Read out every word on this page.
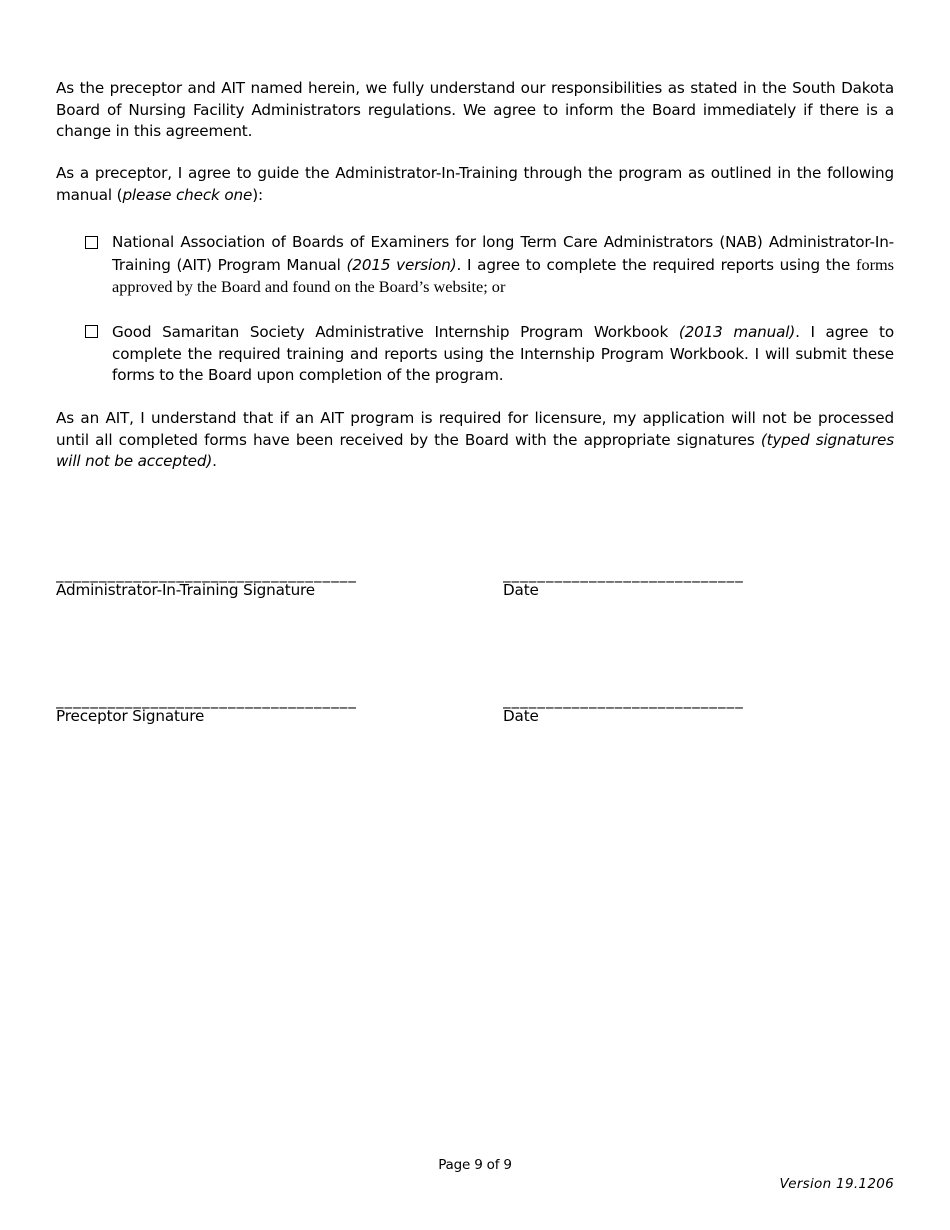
As the preceptor and AIT named herein, we fully understand our responsibilities as stated in the South Dakota Board of Nursing Facility Administrators regulations. We agree to inform the Board immediately if there is a change in this agreement.
As a preceptor, I agree to guide the Administrator-In-Training through the program as outlined in the following manual (please check one):
National Association of Boards of Examiners for long Term Care Administrators (NAB) Administrator-In-Training (AIT) Program Manual (2015 version). I agree to complete the required reports using the forms approved by the Board and found on the Board’s website; or
Good Samaritan Society Administrative Internship Program Workbook (2013 manual). I agree to complete the required training and reports using the Internship Program Workbook. I will submit these forms to the Board upon completion of the program.
As an AIT, I understand that if an AIT program is required for licensure, my application will not be processed until all completed forms have been received by the Board with the appropriate signatures (typed signatures will not be accepted).
___________________________________
Administrator-In-Training Signature
____________________________
Date
___________________________________
Preceptor Signature
____________________________
Date
Page 9 of 9
Version 19.1206
